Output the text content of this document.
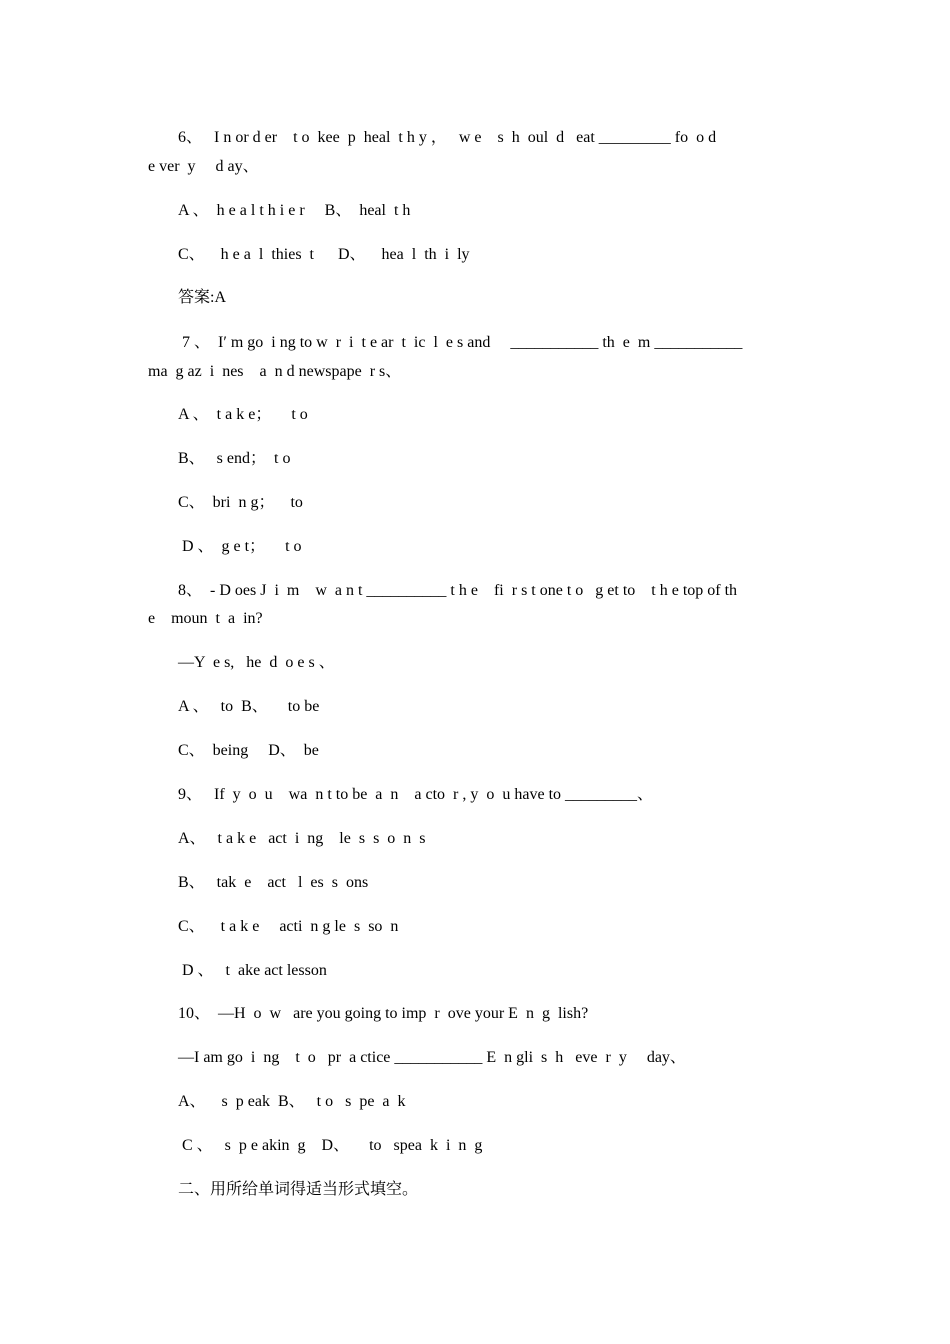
6、   I n or d er    t o  kee  p  heal  t h y ，   w e    s  h  oul  d   eat _________ fo  o d
e ver  y     d ay、
A 、  h e a l t h i e r     B、  heal  t h
C、    h e a  l  thies  t      D、    hea  l  th  i  ly
答案:A
7 、  I′ m go  i ng to w  r  i  t e ar  t  ic  l  e s and     ___________ th  e  m ___________
ma  g az  i  nes    a  n d newspape  r s、
A 、  t a k e；     t o
B、   s end；  t o
C、  bri  n g；    to
D 、  g e t；     t o
8、  - D oes J  i  m    w  a n t __________ t h e    fi  r s t one t o   g et to    t h e top of th
e    moun  t  a  in?
—Y  e s,   he  d  o e s 、
A 、   to  B、     to be
C、  being     D、  be
9、   If  y  o  u    wa  n t to be  a  n    a cto  r , y  o  u have to _________、
A、   t a k e   act  i  ng    le  s  s  o  n  s
B、   tak  e    act   l  es  s  ons
C、    t a k e     acti  n g le  s  so  n
D 、   t  ake act lesson
10、  —H  o  w   are you going to imp  r  ove your E  n  g  lish?
—I am go  i  ng    t  o   pr  a ctice ___________ E  n gli  s  h   eve  r  y     day、
A、    s  p eak  B、   t o   s  pe  a  k
C 、   s  p e akin  g    D、     to   spea  k  i  n  g
二、用所给单词得适当形式填空。
